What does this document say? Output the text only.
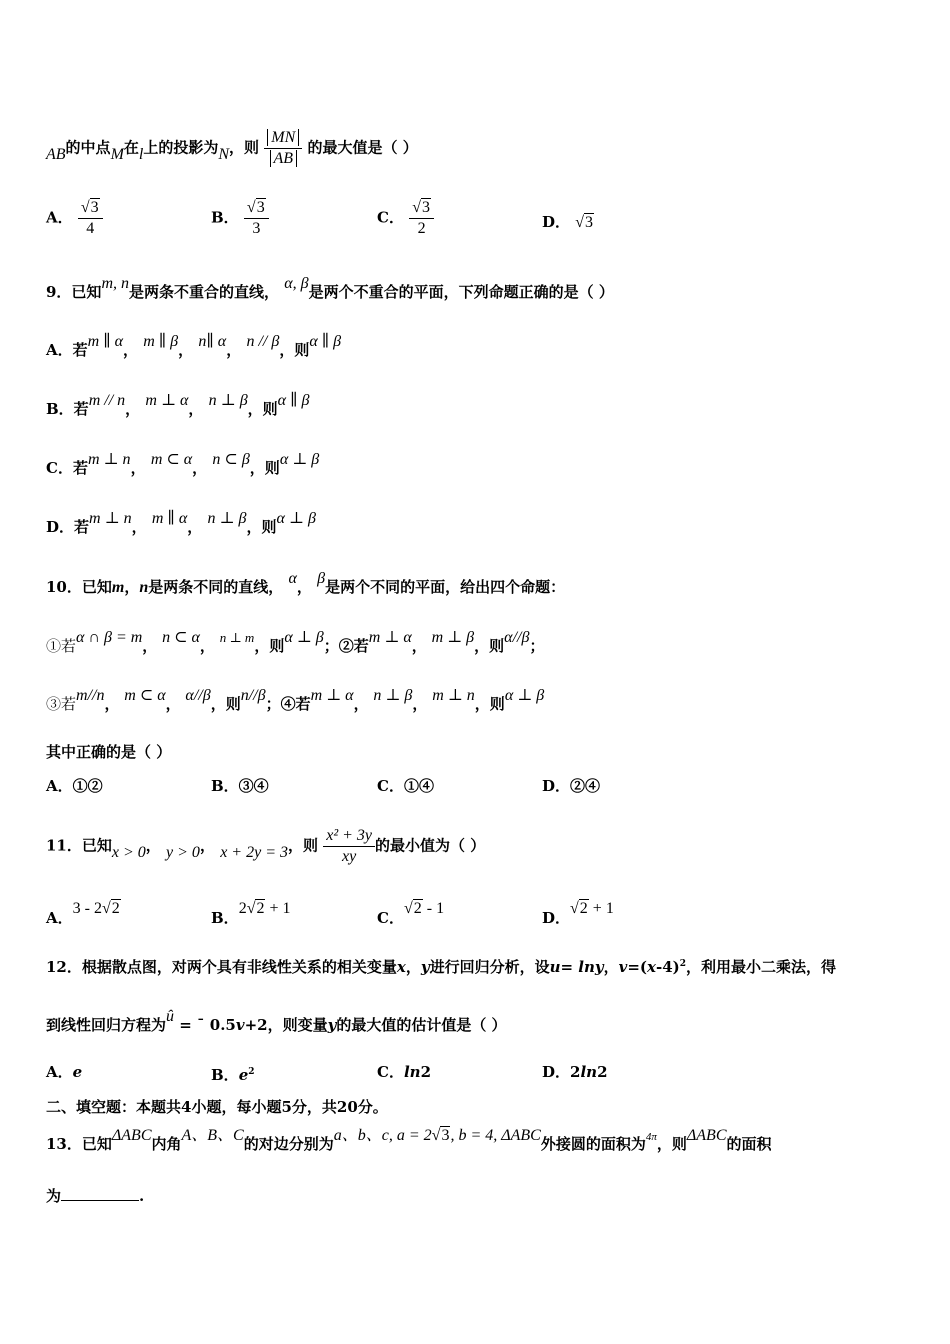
AB的中点M在l上的投影为N，则 $\frac{MN}{AB}$ 的最大值是（ ）
A． $\frac{√3}{4}$	B． $\frac{√3}{3}$	C． $\frac{√3}{2}$	D． √3
9．已知m, n是两条不重合的直线， α, β是两个不重合的平面，下列命题正确的是（ ）
A．若m ∥ α， m ∥ β， n∥ α， n // β，则α ∥ β
B．若m // n， m ⊥ α， n ⊥ β，则α ∥ β
C．若m ⊥ n， m ⊂ α， n ⊂ β，则α ⊥ β
D．若m ⊥ n， m ∥ α， n ⊥ β，则α ⊥ β
10．已知m，n是两条不同的直线， α， β是两个不同的平面，给出四个命题：
①若α ∩ β = m， n ⊂ α， n ⊥ m，则α ⊥ β；②若m ⊥ α， m ⊥ β，则α//β；
③若m//n， m ⊂ α， α//β，则n//β；④若m ⊥ α， n ⊥ β， m ⊥ n，则α ⊥ β
其中正确的是（ ）
A．①②	B．③④	C．①④	D．②④
11．已知x > 0， y > 0， x + 2y = 3，则 $\frac{\text{x² + 3y}}{xy}$ 的最小值为（ ）
A．3 - 2√2
B．2√2 + 1
C．√2 - 1
D．√2 + 1
12．根据散点图，对两个具有非线性关系的相关变量x，y进行回归分析，设u= lny，$v=(x-4)^2$，利用最小二乘法，得
到线性回归方程为û = ˉ 0.5v+2，则变量y的最大值的估计值是（ ）
A．e	B．$e^2$	C．ln2	D．2ln2
二、填空题：本题共4小题，每小题5分，共20分。
13．已知ΔABC内角A、B、C的对边分别为a、b、c, a = 2√3, b = 4, ΔABC外接圆的面积为$^{4\pi}$，则ΔABC的面积
为	.
